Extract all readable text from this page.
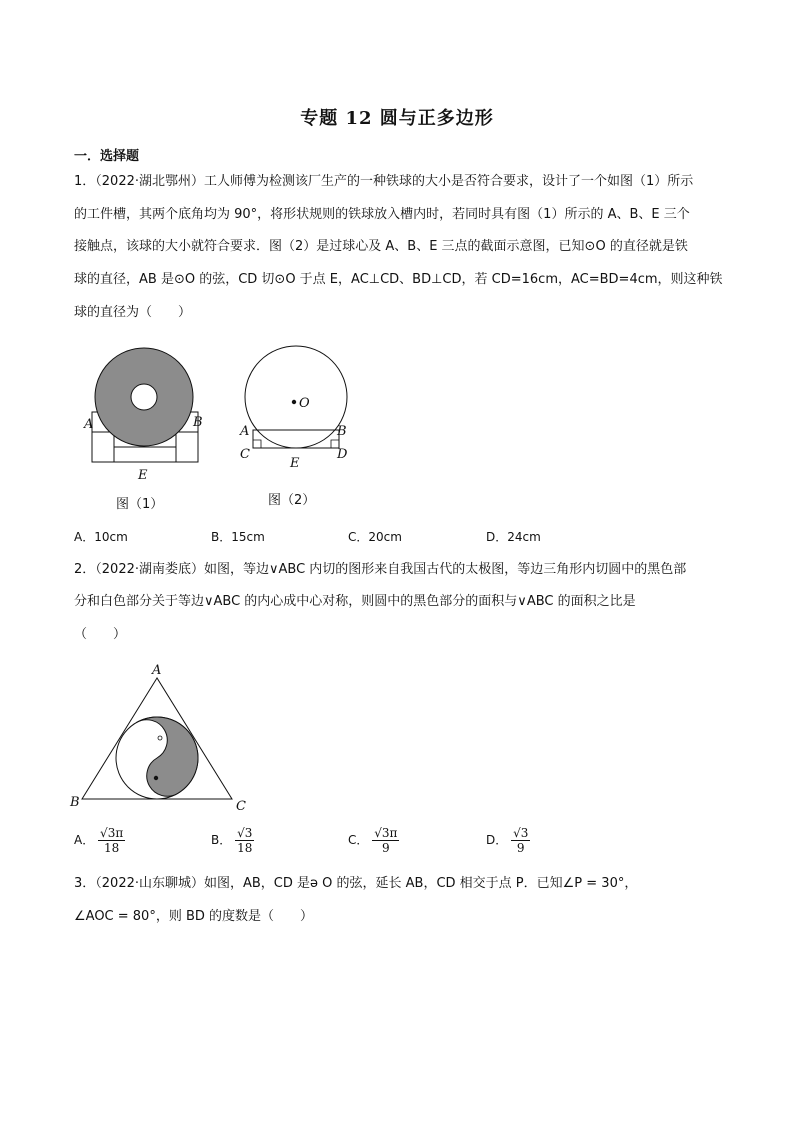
专题 12 圆与正多边形
一．选择题
1．（2022·湖北鄂州）工人师傅为检测该厂生产的一种铁球的大小是否符合要求，设计了一个如图（1）所示
的工件槽，其两个底角均为 90°，将形状规则的铁球放入槽内时，若同时具有图（1）所示的 A、B、E 三个
接触点，该球的大小就符合要求．图（2）是过球心及 A、B、E 三点的截面示意图，已知⊙O 的直径就是铁
球的直径，AB 是⊙O 的弦，CD 切⊙O 于点 E，AC⊥CD、BD⊥CD，若 CD=16cm，AC=BD=4cm，则这种铁
球的直径为（　　）
A	B
E
图（1）
O
A	B
C	D
E
图（2）
A．10cm	B．15cm	C．20cm	D．24cm
2．（2022·湖南娄底）如图，等边∨ABC 内切的图形来自我国古代的太极图，等边三角形内切圆中的黑色部
分和白色部分关于等边∨ABC 的内心成中心对称，则圆中的黑色部分的面积与∨ABC 的面积之比是
（　　）
A
B	C
A． $\frac{√3\pi}{18}$	B． $\frac{√3}{18}$	C． $\frac{√3\pi}{9}$	D． $\frac{√3}{9}$
3．（2022·山东聊城）如图，AB，CD 是ə O 的弦，延长 AB，CD 相交于点 P．已知∠P = 30°，
∠AOC = 80°，则 BD 的度数是（　　）
